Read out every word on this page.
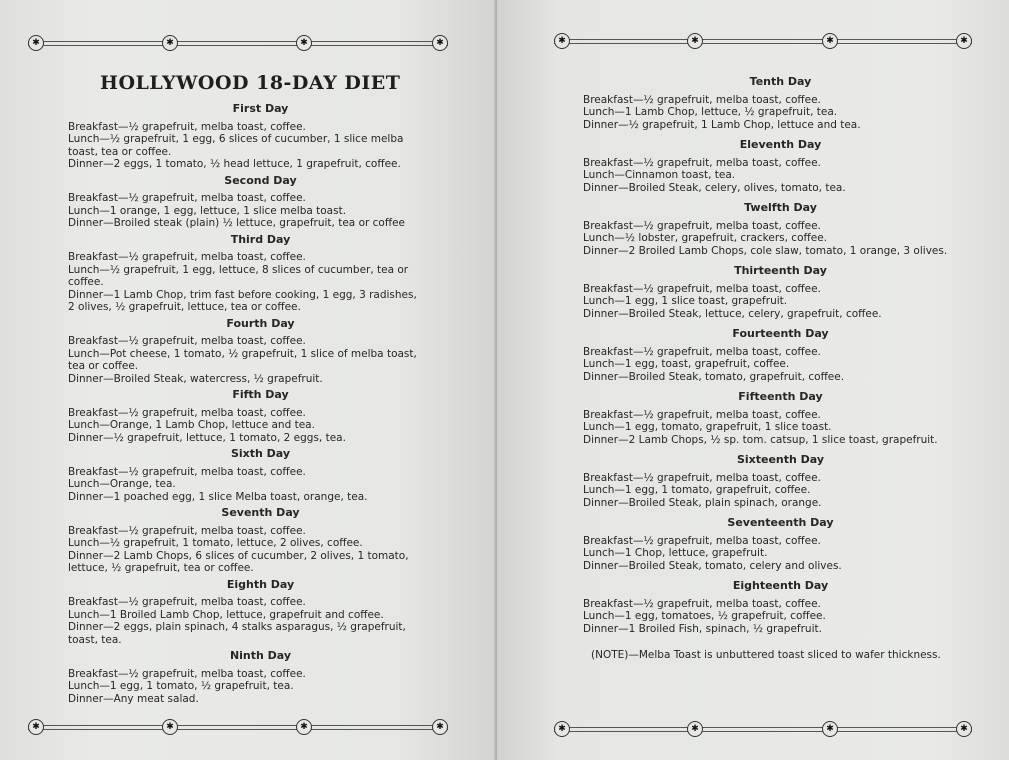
✱	✱	✱	✱
HOLLYWOOD 18-DAY DIET
First Day
Breakfast—½ grapefruit, melba toast, coffee.
Lunch—½ grapefruit, 1 egg, 6 slices of cucumber, 1 slice melba
toast, tea or coffee.
Dinner—2 eggs, 1 tomato, ½ head lettuce, 1 grapefruit, coffee.
Second Day
Breakfast—½ grapefruit, melba toast, coffee.
Lunch—1 orange, 1 egg, lettuce, 1 slice melba toast.
Dinner—Broiled steak (plain) ½ lettuce, grapefruit, tea or coffee
Third Day
Breakfast—½ grapefruit, melba toast, coffee.
Lunch—½ grapefruit, 1 egg, lettuce, 8 slices of cucumber, tea or
coffee.
Dinner—1 Lamb Chop, trim fast before cooking, 1 egg, 3 radishes,
2 olives, ½ grapefruit, lettuce, tea or coffee.
Fourth Day
Breakfast—½ grapefruit, melba toast, coffee.
Lunch—Pot cheese, 1 tomato, ½ grapefruit, 1 slice of melba toast,
tea or coffee.
Dinner—Broiled Steak, watercress, ½ grapefruit.
Fifth Day
Breakfast—½ grapefruit, melba toast, coffee.
Lunch—Orange, 1 Lamb Chop, lettuce and tea.
Dinner—½ grapefruit, lettuce, 1 tomato, 2 eggs, tea.
Sixth Day
Breakfast—½ grapefruit, melba toast, coffee.
Lunch—Orange, tea.
Dinner—1 poached egg, 1 slice Melba toast, orange, tea.
Seventh Day
Breakfast—½ grapefruit, melba toast, coffee.
Lunch—½ grapefruit, 1 tomato, lettuce, 2 olives, coffee.
Dinner—2 Lamb Chops, 6 slices of cucumber, 2 olives, 1 tomato,
lettuce, ½ grapefruit, tea or coffee.
Eighth Day
Breakfast—½ grapefruit, melba toast, coffee.
Lunch—1 Broiled Lamb Chop, lettuce, grapefruit and coffee.
Dinner—2 eggs, plain spinach, 4 stalks asparagus, ½ grapefruit,
toast, tea.
Ninth Day
Breakfast—½ grapefruit, melba toast, coffee.
Lunch—1 egg, 1 tomato, ½ grapefruit, tea.
Dinner—Any meat salad.
✱	✱	✱	✱
✱	✱	✱	✱
Tenth Day
Breakfast—½ grapefruit, melba toast, coffee.
Lunch—1 Lamb Chop, lettuce, ½ grapefruit, tea.
Dinner—½ grapefruit, 1 Lamb Chop, lettuce and tea.
Eleventh Day
Breakfast—½ grapefruit, melba toast, coffee.
Lunch—Cinnamon toast, tea.
Dinner—Broiled Steak, celery, olives, tomato, tea.
Twelfth Day
Breakfast—½ grapefruit, melba toast, coffee.
Lunch—½ lobster, grapefruit, crackers, coffee.
Dinner—2 Broiled Lamb Chops, cole slaw, tomato, 1 orange, 3 olives.
Thirteenth Day
Breakfast—½ grapefruit, melba toast, coffee.
Lunch—1 egg, 1 slice toast, grapefruit.
Dinner—Broiled Steak, lettuce, celery, grapefruit, coffee.
Fourteenth Day
Breakfast—½ grapefruit, melba toast, coffee.
Lunch—1 egg, toast, grapefruit, coffee.
Dinner—Broiled Steak, tomato, grapefruit, coffee.
Fifteenth Day
Breakfast—½ grapefruit, melba toast, coffee.
Lunch—1 egg, tomato, grapefruit, 1 slice toast.
Dinner—2 Lamb Chops, ½ sp. tom. catsup, 1 slice toast, grapefruit.
Sixteenth Day
Breakfast—½ grapefruit, melba toast, coffee.
Lunch—1 egg, 1 tomato, grapefruit, coffee.
Dinner—Broiled Steak, plain spinach, orange.
Seventeenth Day
Breakfast—½ grapefruit, melba toast, coffee.
Lunch—1 Chop, lettuce, grapefruit.
Dinner—Broiled Steak, tomato, celery and olives.
Eighteenth Day
Breakfast—½ grapefruit, melba toast, coffee.
Lunch—1 egg, tomatoes, ½ grapefruit, coffee.
Dinner—1 Broiled Fish, spinach, ½ grapefruit.
(NOTE)—Melba Toast is unbuttered toast sliced to wafer thickness.
✱	✱	✱	✱
